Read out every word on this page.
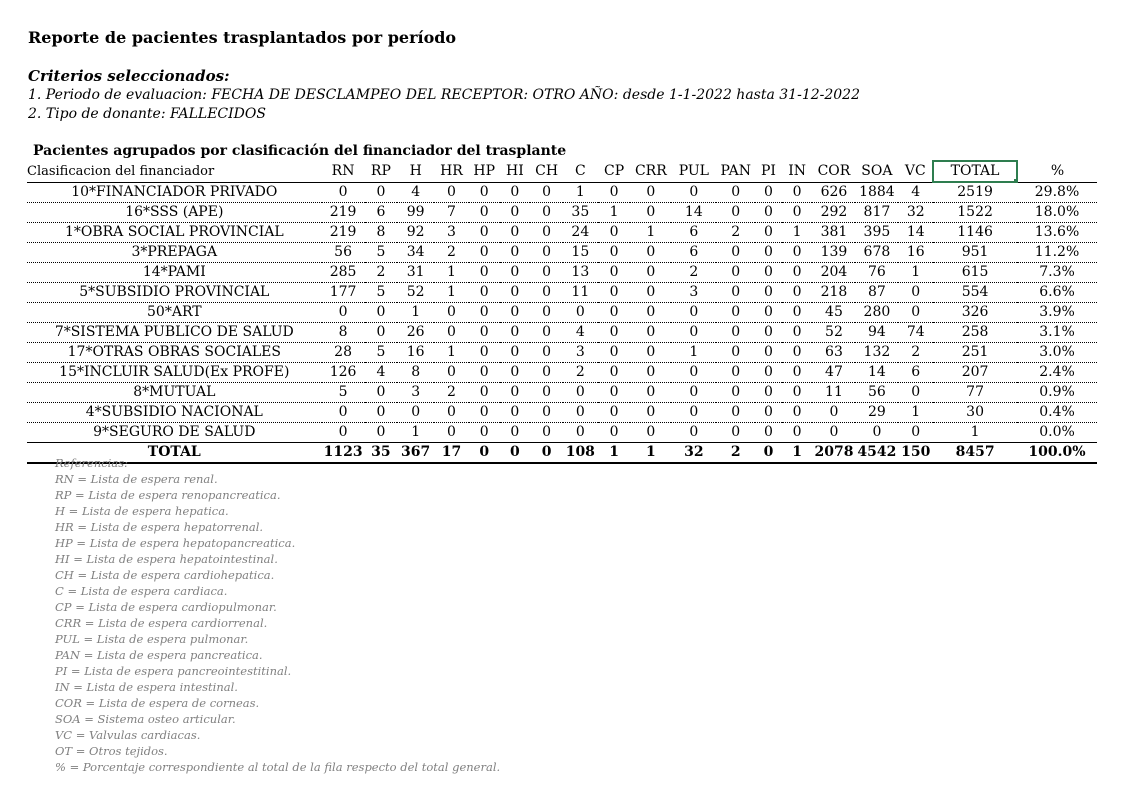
Reporte de pacientes trasplantados por período
Criterios seleccionados:
1. Periodo de evaluacion: FECHA DE DESCLAMPEO DEL RECEPTOR: OTRO AÑO: desde 1-1-2022 hasta 31-12-2022
2. Tipo de donante: FALLECIDOS
Pacientes agrupados por clasificación del financiador del trasplante
Clasificacion del financiador	RN	RP	H	HR	HP	HI	CH	C	CP	CRR	PUL	PAN	PI	IN	COR	SOA	VC	TOTAL	%
10*FINANCIADOR PRIVADO	0	0	4	0	0	0	0	1	0	0	0	0	0	0	626	1884	4	2519	29.8%
16*SSS (APE)	219	6	99	7	0	0	0	35	1	0	14	0	0	0	292	817	32	1522	18.0%
1*OBRA SOCIAL PROVINCIAL	219	8	92	3	0	0	0	24	0	1	6	2	0	1	381	395	14	1146	13.6%
3*PREPAGA	56	5	34	2	0	0	0	15	0	0	6	0	0	0	139	678	16	951	11.2%
14*PAMI	285	2	31	1	0	0	0	13	0	0	2	0	0	0	204	76	1	615	7.3%
5*SUBSIDIO PROVINCIAL	177	5	52	1	0	0	0	11	0	0	3	0	0	0	218	87	0	554	6.6%
50*ART	0	0	1	0	0	0	0	0	0	0	0	0	0	0	45	280	0	326	3.9%
7*SISTEMA PUBLICO DE SALUD	8	0	26	0	0	0	0	4	0	0	0	0	0	0	52	94	74	258	3.1%
17*OTRAS OBRAS SOCIALES	28	5	16	1	0	0	0	3	0	0	1	0	0	0	63	132	2	251	3.0%
15*INCLUIR SALUD(Ex PROFE)	126	4	8	0	0	0	0	2	0	0	0	0	0	0	47	14	6	207	2.4%
8*MUTUAL	5	0	3	2	0	0	0	0	0	0	0	0	0	0	11	56	0	77	0.9%
4*SUBSIDIO NACIONAL	0	0	0	0	0	0	0	0	0	0	0	0	0	0	0	29	1	30	0.4%
9*SEGURO DE SALUD	0	0	1	0	0	0	0	0	0	0	0	0	0	0	0	0	0	1	0.0%
TOTAL	1123	35	367	17	0	0	0	108	1	1	32	2	0	1	2078	4542	150	8457	100.0%
Referencias:
RN = Lista de espera renal.
RP = Lista de espera renopancreatica.
H = Lista de espera hepatica.
HR = Lista de espera hepatorrenal.
HP = Lista de espera hepatopancreatica.
HI = Lista de espera hepatointestinal.
CH = Lista de espera cardiohepatica.
C = Lista de espera cardiaca.
CP = Lista de espera cardiopulmonar.
CRR = Lista de espera cardiorrenal.
PUL = Lista de espera pulmonar.
PAN = Lista de espera pancreatica.
PI = Lista de espera pancreointestitinal.
IN = Lista de espera intestinal.
COR = Lista de espera de corneas.
SOA = Sistema osteo articular.
VC = Valvulas cardiacas.
OT = Otros tejidos.
% = Porcentaje correspondiente al total de la fila respecto del total general.
